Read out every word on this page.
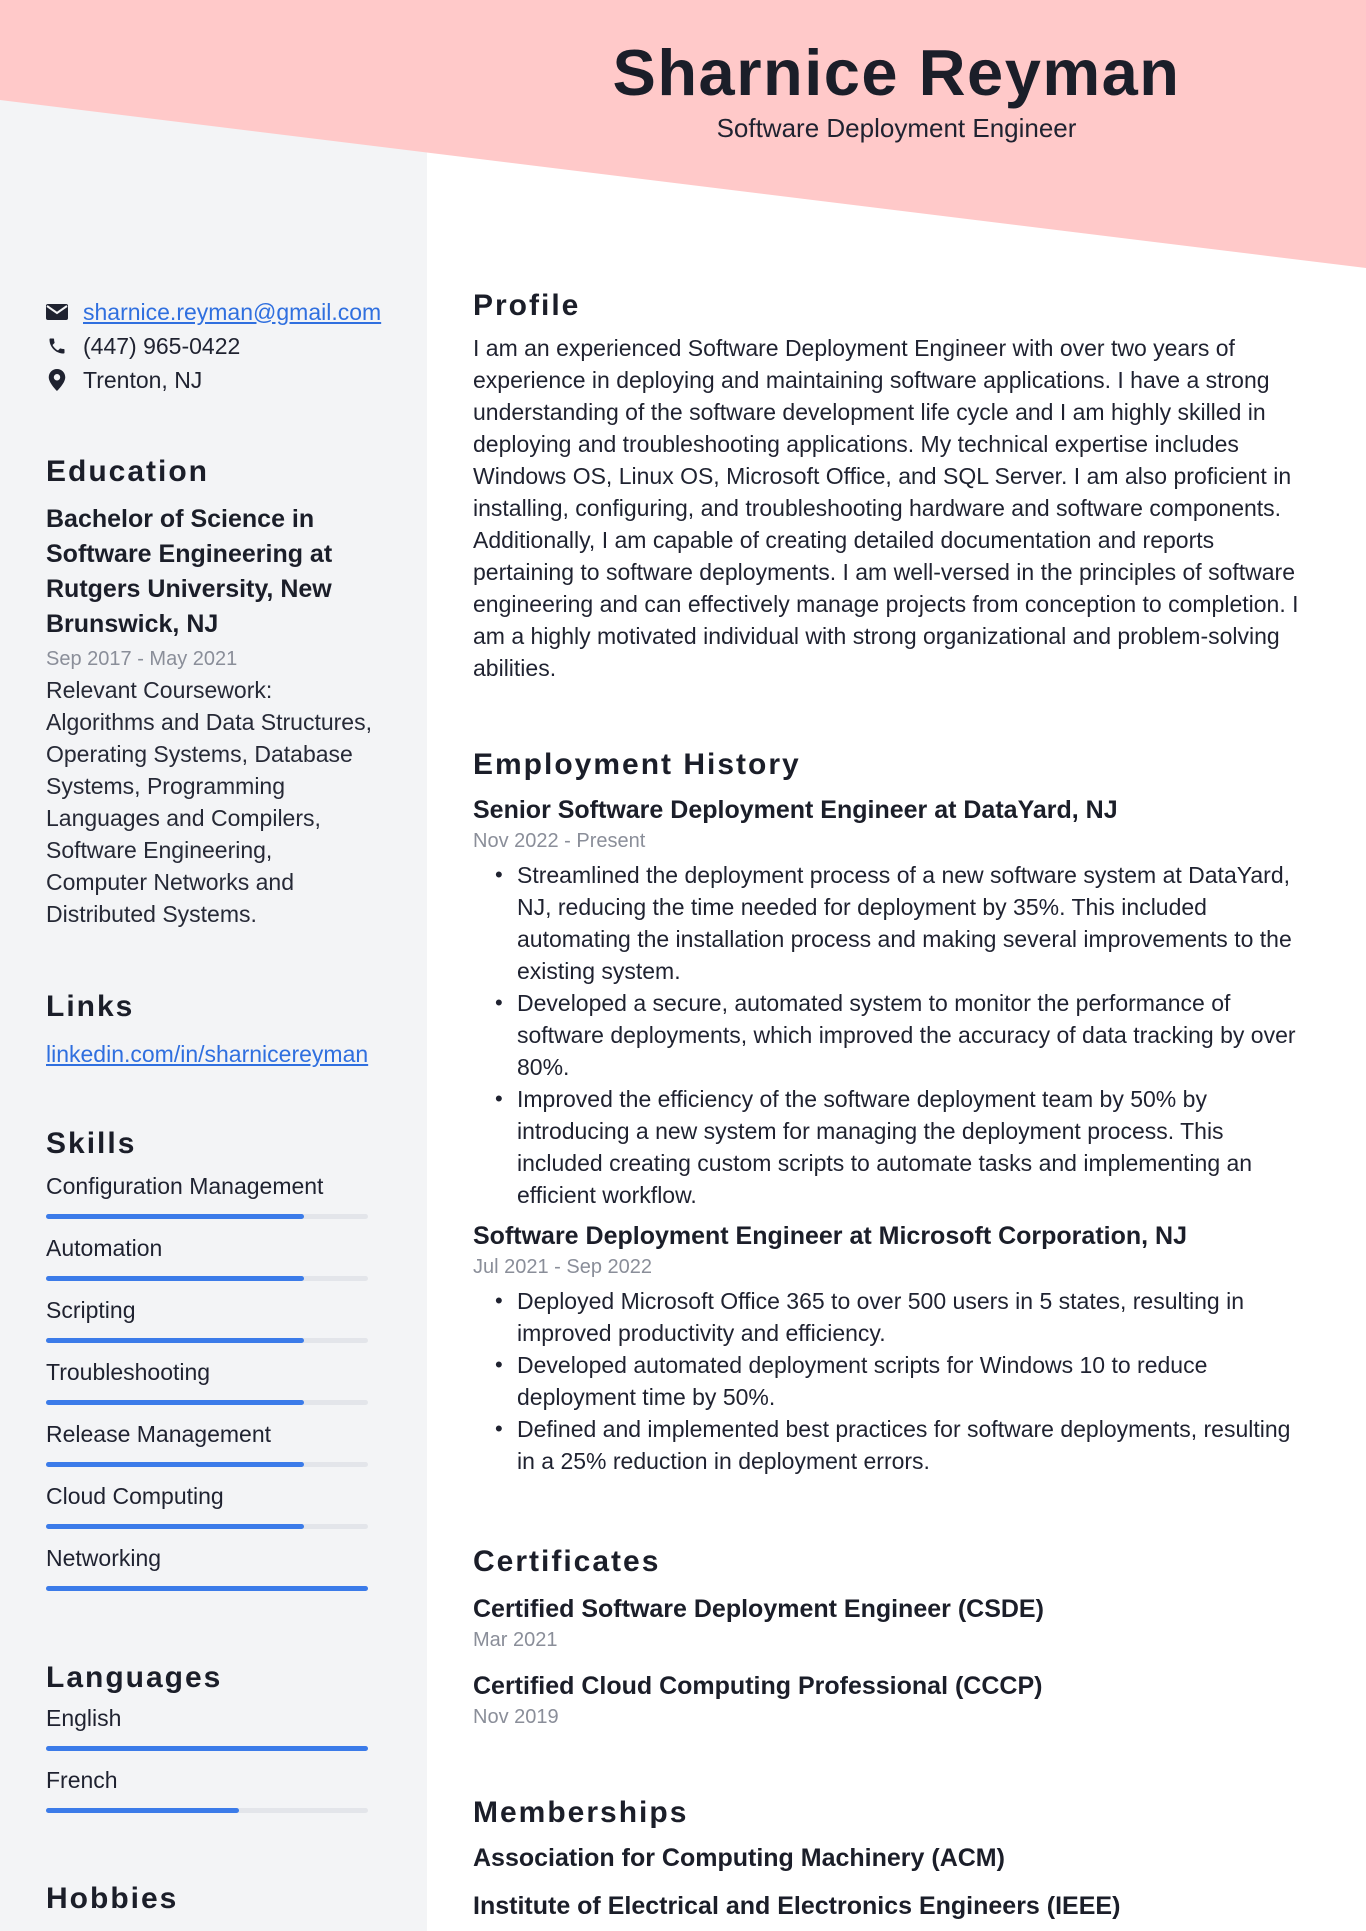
Sharnice Reyman
Software Deployment Engineer
sharnice.reyman@gmail.com
(447) 965-0422
Trenton, NJ
Education
Bachelor of Science in Software Engineering at Rutgers University, New Brunswick, NJ
Sep 2017 - May 2021
Relevant Coursework: Algorithms and Data Structures, Operating Systems, Database Systems, Programming Languages and Compilers, Software Engineering, Computer Networks and Distributed Systems.
Links
linkedin.com/in/sharnicereyman
Skills
Configuration Management
Automation
Scripting
Troubleshooting
Release Management
Cloud Computing
Networking
Languages
English
French
Hobbies
Profile
I am an experienced Software Deployment Engineer with over two years of experience in deploying and maintaining software applications. I have a strong understanding of the software development life cycle and I am highly skilled in deploying and troubleshooting applications. My technical expertise includes Windows OS, Linux OS, Microsoft Office, and SQL Server. I am also proficient in installing, configuring, and troubleshooting hardware and software components. Additionally, I am capable of creating detailed documentation and reports pertaining to software deployments. I am well-versed in the principles of software engineering and can effectively manage projects from conception to completion. I am a highly motivated individual with strong organizational and problem-solving abilities.
Employment History
Senior Software Deployment Engineer at DataYard, NJ
Nov 2022 - Present
• Streamlined the deployment process of a new software system at DataYard, NJ, reducing the time needed for deployment by 35%. This included automating the installation process and making several improvements to the existing system.
• Developed a secure, automated system to monitor the performance of software deployments, which improved the accuracy of data tracking by over 80%.
• Improved the efficiency of the software deployment team by 50% by introducing a new system for managing the deployment process. This included creating custom scripts to automate tasks and implementing an efficient workflow.
Software Deployment Engineer at Microsoft Corporation, NJ
Jul 2021 - Sep 2022
• Deployed Microsoft Office 365 to over 500 users in 5 states, resulting in improved productivity and efficiency.
• Developed automated deployment scripts for Windows 10 to reduce deployment time by 50%.
• Defined and implemented best practices for software deployments, resulting in a 25% reduction in deployment errors.
Certificates
Certified Software Deployment Engineer (CSDE)
Mar 2021
Certified Cloud Computing Professional (CCCP)
Nov 2019
Memberships
Association for Computing Machinery (ACM)
Institute of Electrical and Electronics Engineers (IEEE)
